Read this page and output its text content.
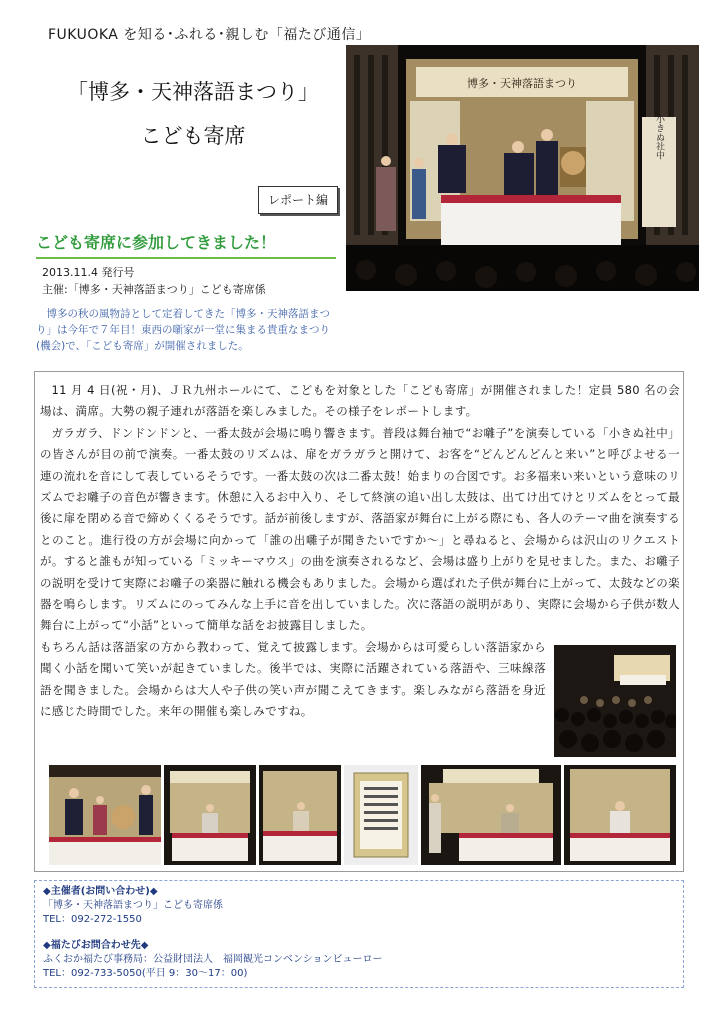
FUKUOKA を知る･ふれる･親しむ「福たび通信」
「博多・天神落語まつり」
こども寄席
博多・天神落語まつり
小きぬ社中
レポート編
こども寄席に参加してきました！
2013.11.4 発行号
主催:「博多・天神落語まつり」こども寄席係
博多の秋の風物詩として定着してきた「博多・天神落語まつり」は今年で７年目！東西の噺家が一堂に集まる貴重なまつり(機会)で、「こども寄席」が開催されました。

11 月 4 日(祝・月)、ＪＲ九州ホールにて、こどもを対象とした「こども寄席」が開催されました！定員 580 名の会場は、満席。大勢の親子連れが落語を楽しみました。その様子をレポートします。

ガラガラ、ドンドンドンと、一番太鼓が会場に鳴り響きます。普段は舞台袖で“お囃子”を演奏している「小きぬ社中」の皆さんが目の前で演奏。一番太鼓のリズムは、扉をガラガラと開けて、お客を“どんどんどんと来い”と呼びよせる一連の流れを音にして表しているそうです。一番太鼓の次は二番太鼓！始まりの合図です。お多福来い来いという意味のリズムでお囃子の音色が響きます。休憩に入るお中入り、そして終演の追い出し太鼓は、出てけ出てけとリズムをとって最後に扉を閉める音で締めくくるそうです。話が前後しますが、落語家が舞台に上がる際にも、各人のテーマ曲を演奏するとのこと。進行役の方が会場に向かって「誰の出囃子が聞きたいですか～」と尋ねると、会場からは沢山のリクエストが。すると誰もが知っている「ミッキーマウス」の曲を演奏されるなど、会場は盛り上がりを見せました。また、お囃子の説明を受けて実際にお囃子の楽器に触れる機会もありました。会場から選ばれた子供が舞台に上がって、太鼓などの楽器を鳴らします。リズムにのってみんな上手に音を出していました。次に落語の説明があり、実際に会場から子供が数人舞台に上がって“小話”といって簡単な話をお披露目しました。

もちろん話は落語家の方から教わって、覚えて披露します。会場からは可愛らしい落語家から聞く小話を聞いて笑いが起きていました。後半では、実際に活躍されている落語や、三味線落語を聞きました。会場からは大人や子供の笑い声が聞こえてきます。楽しみながら落語を身近に感じた時間でした。来年の開催も楽しみですね。

◆主催者(お問い合わせ)◆
「博多・天神落語まつり」こども寄席係
TEL：092-272-1550
◆福たびお問合わせ先◆
ふくおか福たび事務局：公益財団法人　福岡観光コンベンションビューロー
TEL：092-733-5050(平日 9：30～17：00)
